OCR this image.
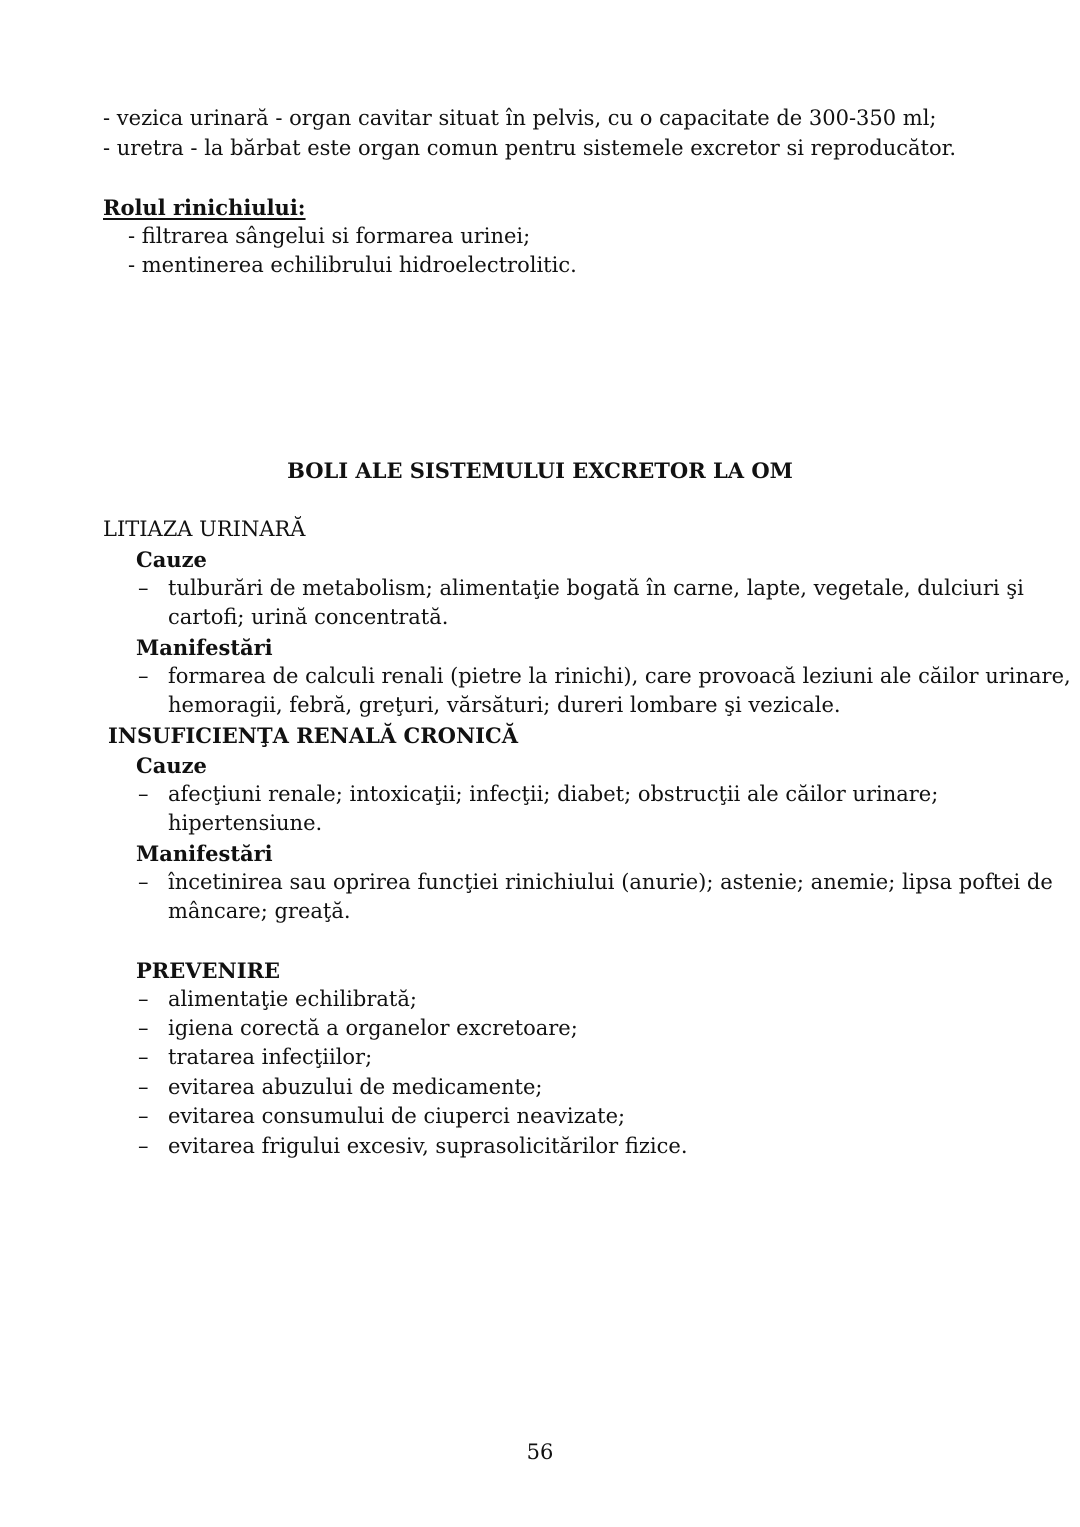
- vezica urinară - organ cavitar situat în pelvis, cu o capacitate de 300-350 ml;
- uretra - la bărbat este organ comun pentru sistemele excretor si reproducător.
Rolul rinichiului:
- filtrarea sângelui si formarea urinei;
- mentinerea echilibrului hidroelectrolitic.
BOLI ALE SISTEMULUI EXCRETOR LA OM
LITIAZA URINARĂ
Cauze
– tulburări de metabolism; alimentaţie bogată în carne, lapte, vegetale, dulciuri şi
cartofi; urină concentrată.
Manifestări
– formarea de calculi renali (pietre la rinichi), care provoacă leziuni ale căilor urinare,
hemoragii, febră, greţuri, vărsături; dureri lombare şi vezicale.
INSUFICIENŢA RENALĂ CRONICĂ
Cauze
– afecţiuni renale; intoxicaţii; infecţii; diabet; obstrucţii ale căilor urinare;
hipertensiune.
Manifestări
– încetinirea sau oprirea funcţiei rinichiului (anurie); astenie; anemie; lipsa poftei de
mâncare; greaţă.
PREVENIRE
– alimentaţie echilibrată;
– igiena corectă a organelor excretoare;
– tratarea infecţiilor;
– evitarea abuzului de medicamente;
– evitarea consumului de ciuperci neavizate;
– evitarea frigului excesiv, suprasolicitărilor fizice.
56
